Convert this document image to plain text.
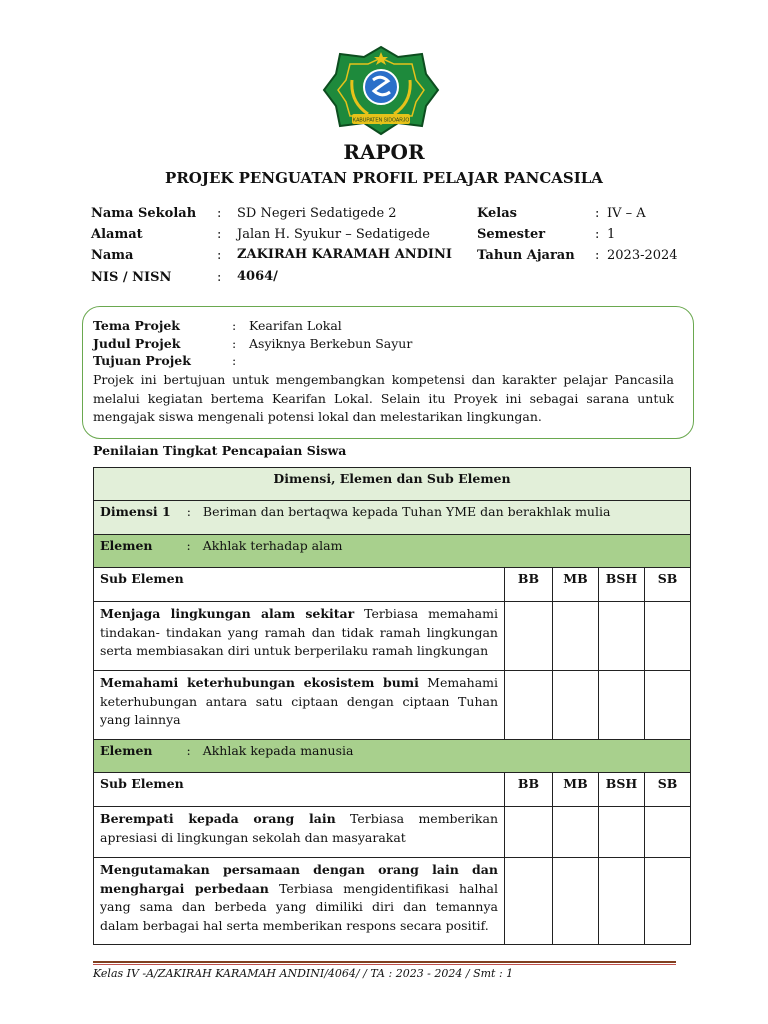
KABUPATEN SIDOARJO
RAPOR
PROJEK PENGUATAN PROFIL PELAJAR PANCASILA
Nama Sekolah : SD Negeri Sedatigede 2
Alamat	: Jalan H. Syukur – Sedatigede
Nama	: ZAKIRAH KARAMAH ANDINI
NIS / NISN	: 4064/
Kelas	: IV – A
Semester	: 1
Tahun Ajaran : 2023-2024
Tema Projek	: Kearifan Lokal
Judul Projek	: Asyiknya Berkebun Sayur
Tujuan Projek	:
Projek ini bertujuan untuk mengembangkan kompetensi dan karakter pelajar Pancasila melalui kegiatan bertema Kearifan Lokal. Selain itu Proyek ini sebagai sarana untuk mengajak siswa mengenali potensi lokal dan melestarikan lingkungan.
Penilaian Tingkat Pencapaian Siswa
Dimensi, Elemen dan Sub Elemen				
Dimensi 1 : Beriman dan bertaqwa kepada Tuhan YME dan berakhlak mulia				
Elemen : Akhlak terhadap alam				
Sub Elemen	BB	MB	BSH	SB
Menjaga lingkungan alam sekitar Terbiasa memahami tindakan- tindakan yang ramah dan tidak ramah lingkungan serta membiasakan diri untuk berperilaku ramah lingkungan				
Memahami keterhubungan ekosistem bumi Memahami keterhubungan antara satu ciptaan dengan ciptaan Tuhan yang lainnya				
Elemen : Akhlak kepada manusia				
Sub Elemen	BB	MB	BSH	SB
Berempati kepada orang lain Terbiasa memberikan apresiasi di lingkungan sekolah dan masyarakat				
Mengutamakan persamaan dengan orang lain dan menghargai perbedaan Terbiasa mengidentifikasi halhal yang sama dan berbeda yang dimiliki diri dan temannya dalam berbagai hal serta memberikan respons secara positif.				
Kelas IV -A/ZAKIRAH KARAMAH ANDINI/4064/ / TA : 2023 - 2024 / Smt : 1
